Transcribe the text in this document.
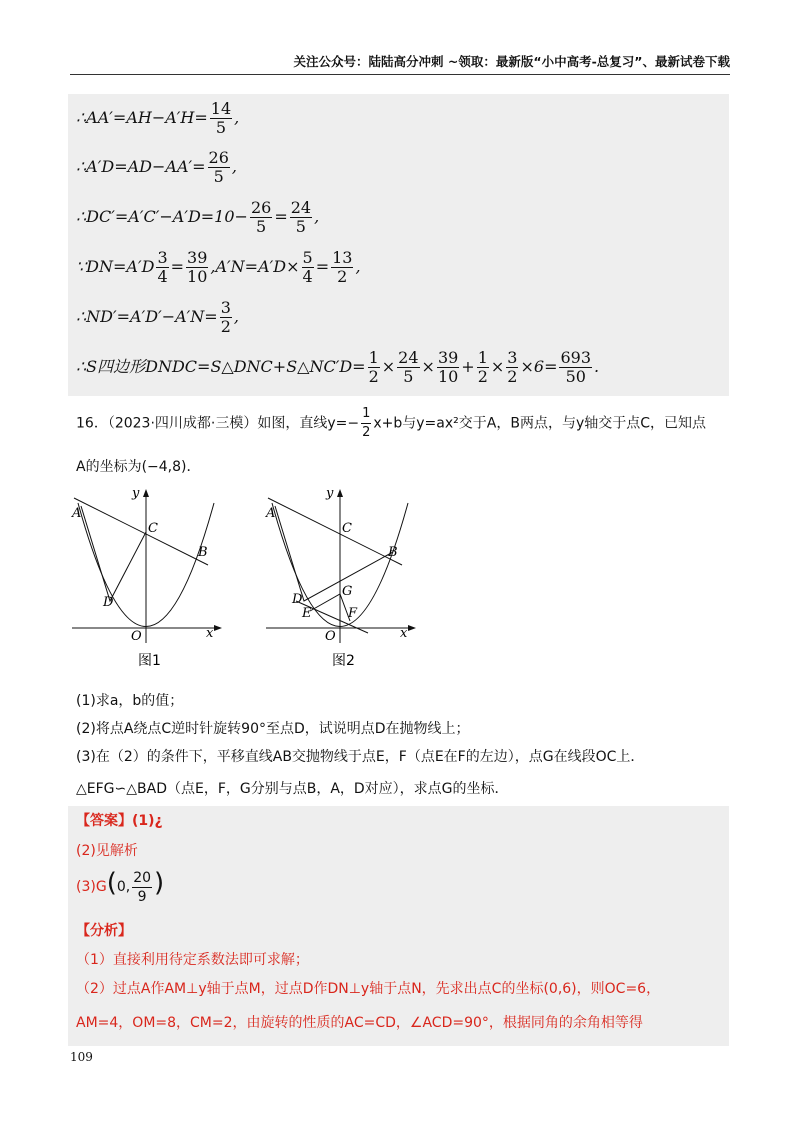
关注公众号：陆陆高分冲刺 ~领取：最新版“小中高考-总复习”、最新试卷下载
∴AA′=AH−A′H= $\frac{14}{5}$ ,
∴A′D=AD−AA′= $\frac{26}{5}$ ,
∴DC′=A′C′−A′D=10− $\frac{26}{5} = \frac{24}{5}$ ,
∵DN=A′D $\frac{3}{4} = \frac{39}{10} ,A'N=A'D\times \frac{5}{4} = \frac{13}{2}$ ,
∴ND′=A′D′−A′N= $\frac{3}{2}$ ,
∴S四边形DNDC=S△DNC+S△NC′D= $\frac{1}{2} \times \frac{24}{5} \times \frac{39}{10} + \frac{1}{2} \times \frac{3}{2} \times 6= \frac{693}{50}$ .
16．（2023·四川成都·三模）如图，直线$y=- \frac{1}{2} x+b$与y=ax²交于A，B两点，与y轴交于点C，已知点
A的坐标为(−4,8)．
y
x
O
A
C
B
D
图1
y
x
O
A
C
B
D
E
G
F
图2
(1)求a，b的值；
(2)将点A绕点C逆时针旋转90°至点D，试说明点D在抛物线上；
(3)在（2）的条件下，平移直线AB交抛物线于点E，F（点E在F的左边），点G在线段OC上．
△EFG∽△BAD（点E，F，G分别与点B，A，D对应），求点G的坐标．
【答案】(1)¿
(2)见解析
(3)G(0, $\frac{20}{9}$ )
【分析】
（1）直接利用待定系数法即可求解；
（2）过点A作AM⊥y轴于点M，过点D作DN⊥y轴于点N，先求出点C的坐标(0,6)，则OC=6，
AM=4，OM=8，CM=2，由旋转的性质的AC=CD，∠ACD=90°，根据同角的余角相等得
109
